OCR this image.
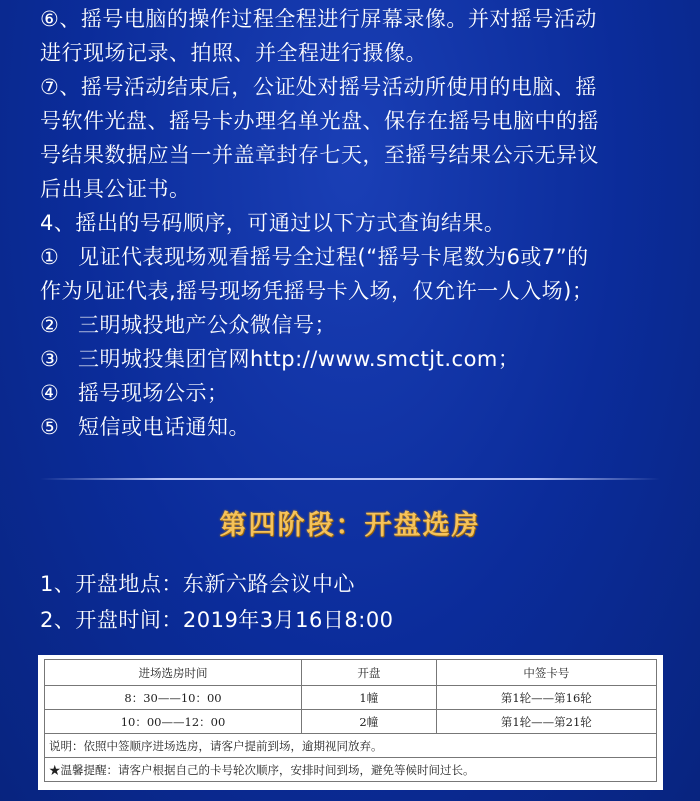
⑥、摇号电脑的操作过程全程进行屏幕录像。并对摇号活动

进行现场记录、拍照、并全程进行摄像。

⑦、摇号活动结束后，公证处对摇号活动所使用的电脑、摇

号软件光盘、摇号卡办理名单光盘、保存在摇号电脑中的摇

号结果数据应当一并盖章封存七天，至摇号结果公示无异议

后出具公证书。

4、摇出的号码顺序，可通过以下方式查询结果。

① 见证代表现场观看摇号全过程(“摇号卡尾数为6或7”的

作为见证代表,摇号现场凭摇号卡入场，仅允许一人入场)；

② 三明城投地产公众微信号；
③ 三明城投集团官网http://www.smctjt.com；
④ 摇号现场公示；
⑤ 短信或电话通知。
第四阶段：开盘选房

1、开盘地点：东新六路会议中心

2、开盘时间：2019年3月16日8:00

进场选房时间	开盘	中签卡号
8：30——10：00	1幢	第1轮——第16轮
10：00——12：00	2幢	第1轮——第21轮
说明：依照中签顺序进场选房，请客户提前到场，逾期视同放弃。		
★温馨提醒：请客户根据自己的卡号轮次顺序，安排时间到场，避免等候时间过长。		
